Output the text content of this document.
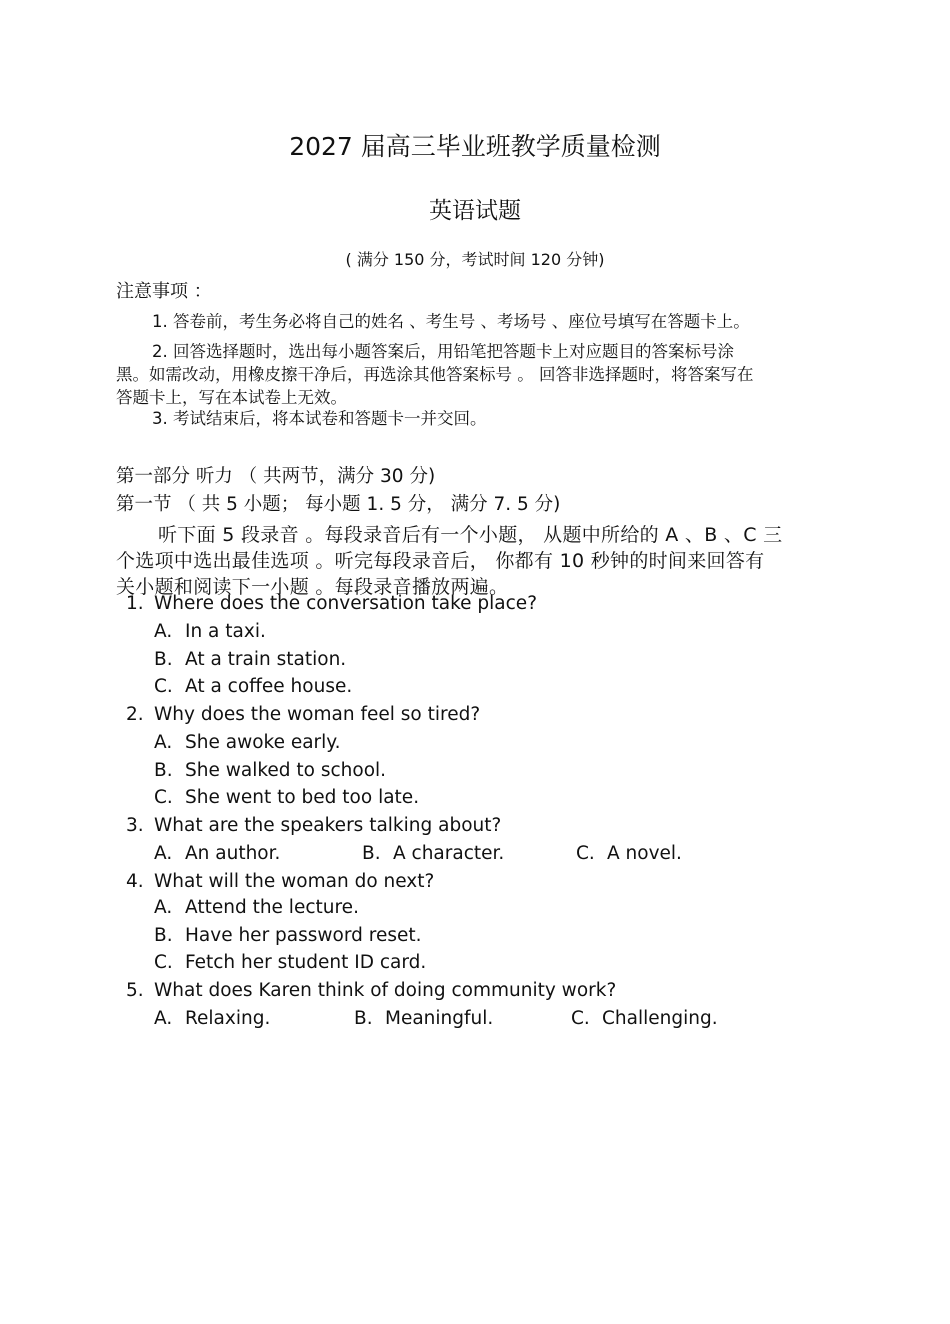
2027 届高三毕业班教学质量检测
英语试题
( 满分 150 分，考试时间 120 分钟)
注意事项 ：
1. 答卷前，考生务必将自己的姓名 、考生号 、考场号 、座位号填写在答题卡上。
2. 回答选择题时，选出每小题答案后，用铅笔把答题卡上对应题目的答案标号涂
黑。如需改动，用橡皮擦干净后，再选涂其他答案标号 。 回答非选择题时，将答案写在
答题卡上，写在本试卷上无效。
3. 考试结束后，将本试卷和答题卡一并交回。
第一部分 听力 （ 共两节，满分 30 分)
第一节 （ 共 5 小题； 每小题 1. 5 分， 满分 7. 5 分)
听下面 5 段录音 。每段录音后有一个小题， 从题中所给的 A 、B 、C 三
个选项中选出最佳选项 。听完每段录音后， 你都有 10 秒钟的时间来回答有
关小题和阅读下一小题 。每段录音播放两遍。
1. Where does the conversation take place?
A. In a taxi.
B. At a train station.
C. At a coffee house.
2. Why does the woman feel so tired?
A. She awoke early.
B. She walked to school.
C. She went to bed too late.
3. What are the speakers talking about?
A. An author.	B. A character.	C. A novel.
4. What will the woman do next?
A. Attend the lecture.
B. Have her password reset.
C. Fetch her student ID card.
5. What does Karen think of doing community work?
A. Relaxing.	B. Meaningful.	C. Challenging.
